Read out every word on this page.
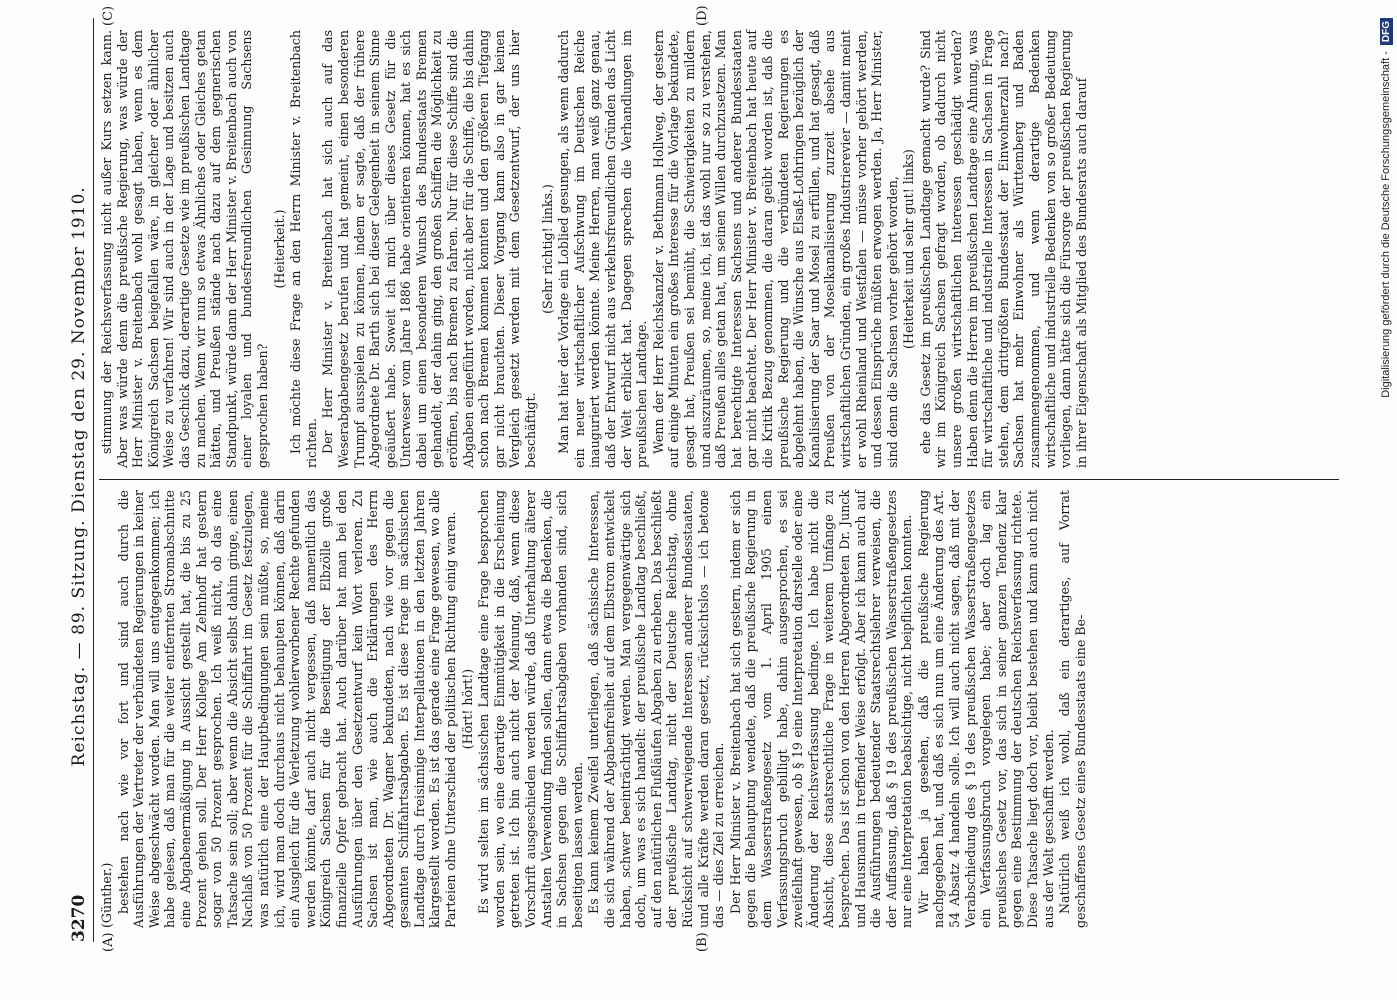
3270
Reichstag. — 89. Sitzung. Dienstag den 29. November 1910.
(A)	(B)
(C)	(D)

(Günther.) bestehen nach wie vor fort und sind auch durch die Ausführungen der Vertreter der verbündeten Regierungen in keiner Weise abgeschwächt worden. Man will uns entgegenkommen; ich habe gelesen, daß man für die weiter entfernten Stromabschnitte eine Abgabenermäßigung in Aussicht gestellt hat, die bis zu 25 Prozent gehen soll. Der Herr Kollege Am Zehnhoff hat gestern sogar von 50 Prozent gesprochen. Ich weiß nicht, ob das eine Tatsache sein soll; aber wenn die Absicht selbst dahin ginge, einen Nachlaß von 50 Prozent für die Schiffahrt im Gesetz festzulegen, was natürlich eine der Hauptbedingungen sein müßte, so, meine ich, wird man doch durchaus nicht behaupten können, daß darin ein Ausgleich für die Verletzung wohlerworbener Rechte gefunden werden könnte, darf auch nicht vergessen, daß namentlich das Königreich Sachsen für die Beseitigung der Elbzölle große finanzielle Opfer gebracht hat. Auch darüber hat man bei den Ausführungen über den Gesetzentwurf kein Wort verloren. Zu Sachsen ist man, wie auch die Erklärungen des Herrn Abgeordneten Dr. Wagner bekundeten, nach wie vor gegen die gesamten Schiffahrtsabgaben. Es ist diese Frage im sächsischen Landtage durch freisinnige Interpellationen in den letzten Jahren klargestellt worden. Es ist das gerade eine Frage gewesen, wo alle Parteien ohne Unterschied der politischen Richtung einig waren. (Hört! hört!) Es wird selten im sächsischen Landtage eine Frage besprochen worden sein, wo eine derartige Einmütigkeit in die Erscheinung getreten ist. Ich bin auch nicht der Meinung, daß, wenn diese Vorschrift ausgeschieden werden würde, daß Unterhaltung älterer Anstalten Verwendung finden sollen, dann etwa die Bedenken, die in Sachsen gegen die Schiffahrtsabgaben vorhanden sind, sich beseitigen lassen werden. Es kann keinem Zweifel unterliegen, daß sächsische Interessen, die sich während der Abgabenfreiheit auf dem Elbstrom entwickelt haben, schwer beeinträchtigt werden. Man vergegenwärtige sich doch, um was es sich handelt: der preußische Landtag beschließt, auf den natürlichen Flußläufen Abgaben zu erheben. Das beschließt der preußische Landtag, nicht der Deutsche Reichstag, ohne Rücksicht auf schwerwiegende Interessen anderer Bundesstaaten, und alle Kräfte werden daran gesetzt, rücksichtslos — ich betone das — dies Ziel zu erreichen. Der Herr Minister v. Breitenbach hat sich gestern, indem er sich gegen die Behauptung wendete, daß die preußische Regierung in dem Wasserstraßengesetz vom 1. April 1905 einen Verfassungsbruch gebilligt habe, dahin ausgesprochen, es sei zweifelhaft gewesen, ob § 19 eine Interpretation darstelle oder eine Änderung der Reichsverfassung bedinge. Ich habe nicht die Absicht, diese staatsrechtliche Frage in weiterem Umfange zu besprechen. Das ist schon von den Herren Abgeordneten Dr. Junck und Hausmann in treffender Weise erfolgt. Aber ich kann auch auf die Ausführungen bedeutender Staatsrechtslehrer verweisen, die der Auffassung, daß § 19 des preußischen Wasserstraßengesetzes nur eine Interpretation beabsichtige, nicht beipflichten konnten. Wir haben ja gesehen, daß die preußische Regierung nachgegeben hat, und daß es sich nun um eine Änderung des Art. 54 Absatz 4 handeln solle. Ich will auch nicht sagen, daß mit der Verabschiedung des § 19 des preußischen Wasserstraßengesetzes ein Verfassungsbruch vorgelegen habe; aber doch lag ein preußisches Gesetz vor, das sich in seiner ganzen Tendenz klar gegen eine Bestimmung der deutschen Reichsverfassung richtete. Diese Tatsache liegt doch vor, bleibt bestehen und kann auch nicht aus der Welt geschafft werden. Natürlich weiß ich wohl, daß ein derartiges, auf Vorrat geschaffenes Gesetz eines Bundesstaats eine Be-

stimmung der Reichsverfassung nicht außer Kurs setzen kann. Aber was würde denn die preußische Regierung, was würde der Herr Minister v. Breitenbach wohl gesagt haben, wenn es dem Königreich Sachsen beigefallen wäre, in gleicher oder ähnlicher Weise zu verfahren! Wir sind auch in der Lage und besitzen auch das Geschick dazu, derartige Gesetze wie im preußischen Landtage zu machen. Wenn wir nun so etwas Ähnliches oder Gleiches getan hätten, und Preußen stände nach dazu auf dem gegnerischen Standpunkt, würde dann der Herr Minister v. Breitenbach auch von einer loyalen und bundesfreundlichen Gesinnung Sachsens gesprochen haben?

(Heiterkeit.) Ich möchte diese Frage an den Herrn Minister v. Breitenbach richten. Der Herr Minister v. Breitenbach hat sich auch auf das Weserabgabengesetz berufen und hat gemeint, einen besonderen Trumpf ausspielen zu können, indem er sagte, daß der frühere Abgeordnete Dr. Barth sich bei dieser Gelegenheit in seinem Sinne geäußert habe. Soweit ich mich über dieses Gesetz für die Unterweser vom Jahre 1886 habe orientieren können, hat es sich dabei um einen besonderen Wunsch des Bundesstaats Bremen gehandelt, der dahin ging, den großen Schiffen die Möglichkeit zu eröffnen, bis nach Bremen zu fahren. Nur für diese Schiffe sind die Abgaben eingeführt worden, nicht aber für die Schiffe, die bis dahin schon nach Bremen kommen konnten und den größeren Tiefgang gar nicht brauchten. Dieser Vorgang kann also in gar keinen Vergleich gesetzt werden mit dem Gesetzentwurf, der uns hier beschäftigt.

(Sehr richtig! links.) Man hat hier der Vorlage ein Loblied gesungen, als wenn dadurch ein neuer wirtschaftlicher Aufschwung im Deutschen Reiche inauguriert werden könnte. Meine Herren, man weiß ganz genau, daß der Entwurf nicht aus verkehrsfreundlichen Gründen das Licht der Welt erblickt hat. Dagegen sprechen die Verhandlungen im preußischen Landtage. Wenn der Herr Reichskanzler v. Bethmann Hollweg, der gestern auf einige Minuten ein großes Interesse für die Vorlage bekundete, gesagt hat, Preußen sei bemüht, die Schwierigkeiten zu mildern und auszuräumen, so, meine ich, ist das wohl nur so zu verstehen, daß Preußen alles getan hat, um seinen Willen durchzusetzen. Man hat berechtigte Interessen Sachsens und anderer Bundesstaaten gar nicht beachtet. Der Herr Minister v. Breitenbach hat heute auf die Kritik Bezug genommen, die daran geübt worden ist, daß die preußische Regierung und die verbündeten Regierungen es abgelehnt haben, die Wünsche aus Elsaß-Lothringen bezüglich der Kanalisierung der Saar und Mosel zu erfüllen, und hat gesagt, daß Preußen von der Moselkanalisierung zurzeit absehe aus wirtschaftlichen Gründen, ein großes Industrierevier — damit meint er wohl Rheinland und Westfalen — müsse vorher gehört werden, und dessen Einsprüche müßten erwogen werden. Ja, Herr Minister, sind denn die Sachsen vorher gehört worden, (Heiterkeit und sehr gut! links) ehe das Gesetz im preußischen Landtage gemacht wurde? Sind wir im Königreich Sachsen gefragt worden, ob dadurch nicht unsere großen wirtschaftlichen Interessen geschädigt werden? Haben denn die Herren im preußischen Landtage eine Ahnung, was für wirtschaftliche und industrielle Interessen in Sachsen in Frage stehen, dem drittgrößten Bundesstaat der Einwohnerzahl nach? Sachsen hat mehr Einwohner als Württemberg und Baden zusammengenommen, und wenn derartige Bedenken wirtschaftliche und industrielle Bedenken von so großer Bedeutung vorliegen, dann hätte sich die Fürsorge der preußischen Regierung in ihrer Eigenschaft als Mitglied des Bundesrats auch darauf	Digitalisierung gefördert durch die Deutsche Forschungsgemeinschaft -
DFG
